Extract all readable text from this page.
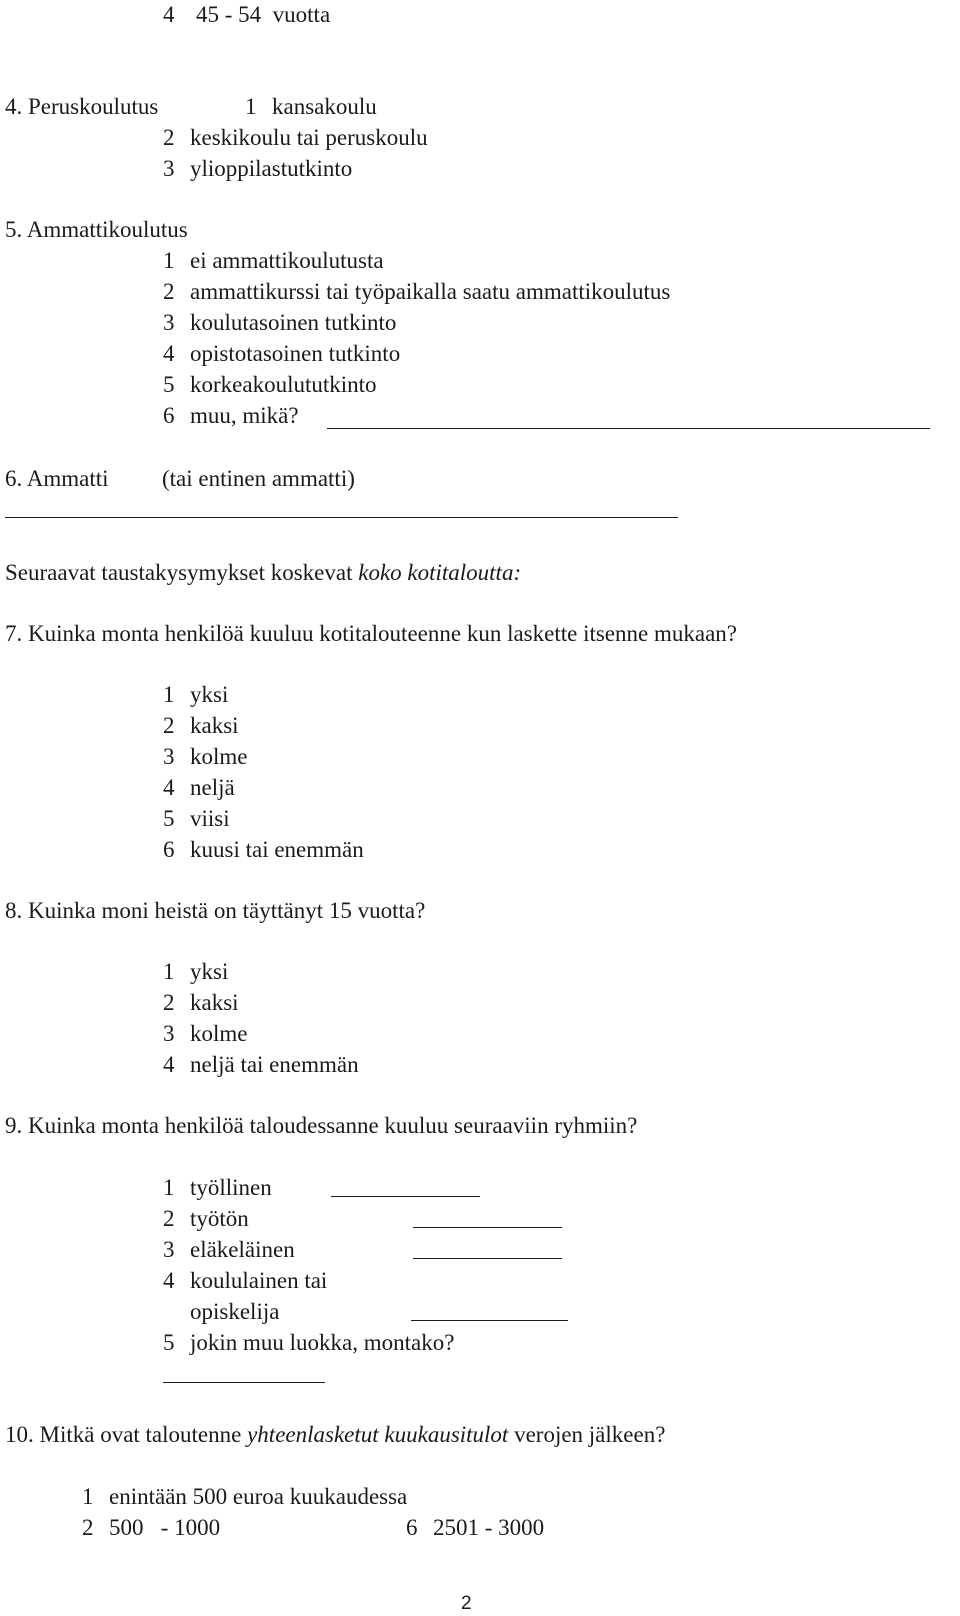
4 45 - 54  vuotta
4. Peruskoulutus	1 kansakoulu
2 keskikoulu tai peruskoulu
3 ylioppilastutkinto
5. Ammattikoulutus
1 ei ammattikoulutusta
2 ammattikurssi tai työpaikalla saatu ammattikoulutus
3 koulutasoinen tutkinto
4 opistotasoinen tutkinto
5 korkeakoulututkinto
6 muu, mikä?
6. Ammatti (tai entinen ammatti)
Seuraavat taustakysymykset koskevat koko kotitaloutta:
7. Kuinka monta henkilöä kuuluu kotitalouteenne kun laskette itsenne mukaan?
1 yksi
2 kaksi
3 kolme
4 neljä
5 viisi
6 kuusi tai enemmän
8. Kuinka moni heistä on täyttänyt 15 vuotta?
1 yksi
2 kaksi
3 kolme
4 neljä tai enemmän
9. Kuinka monta henkilöä taloudessanne kuuluu seuraaviin ryhmiin?
1 työllinen
2 työtön
3 eläkeläinen
4 koululainen tai
opiskelija
5 jokin muu luokka, montako?
10. Mitkä ovat taloutenne yhteenlasketut kuukausitulot verojen jälkeen?
1 enintään 500 euroa kuukaudessa
2 500   - 1000	6 2501 - 3000
2
